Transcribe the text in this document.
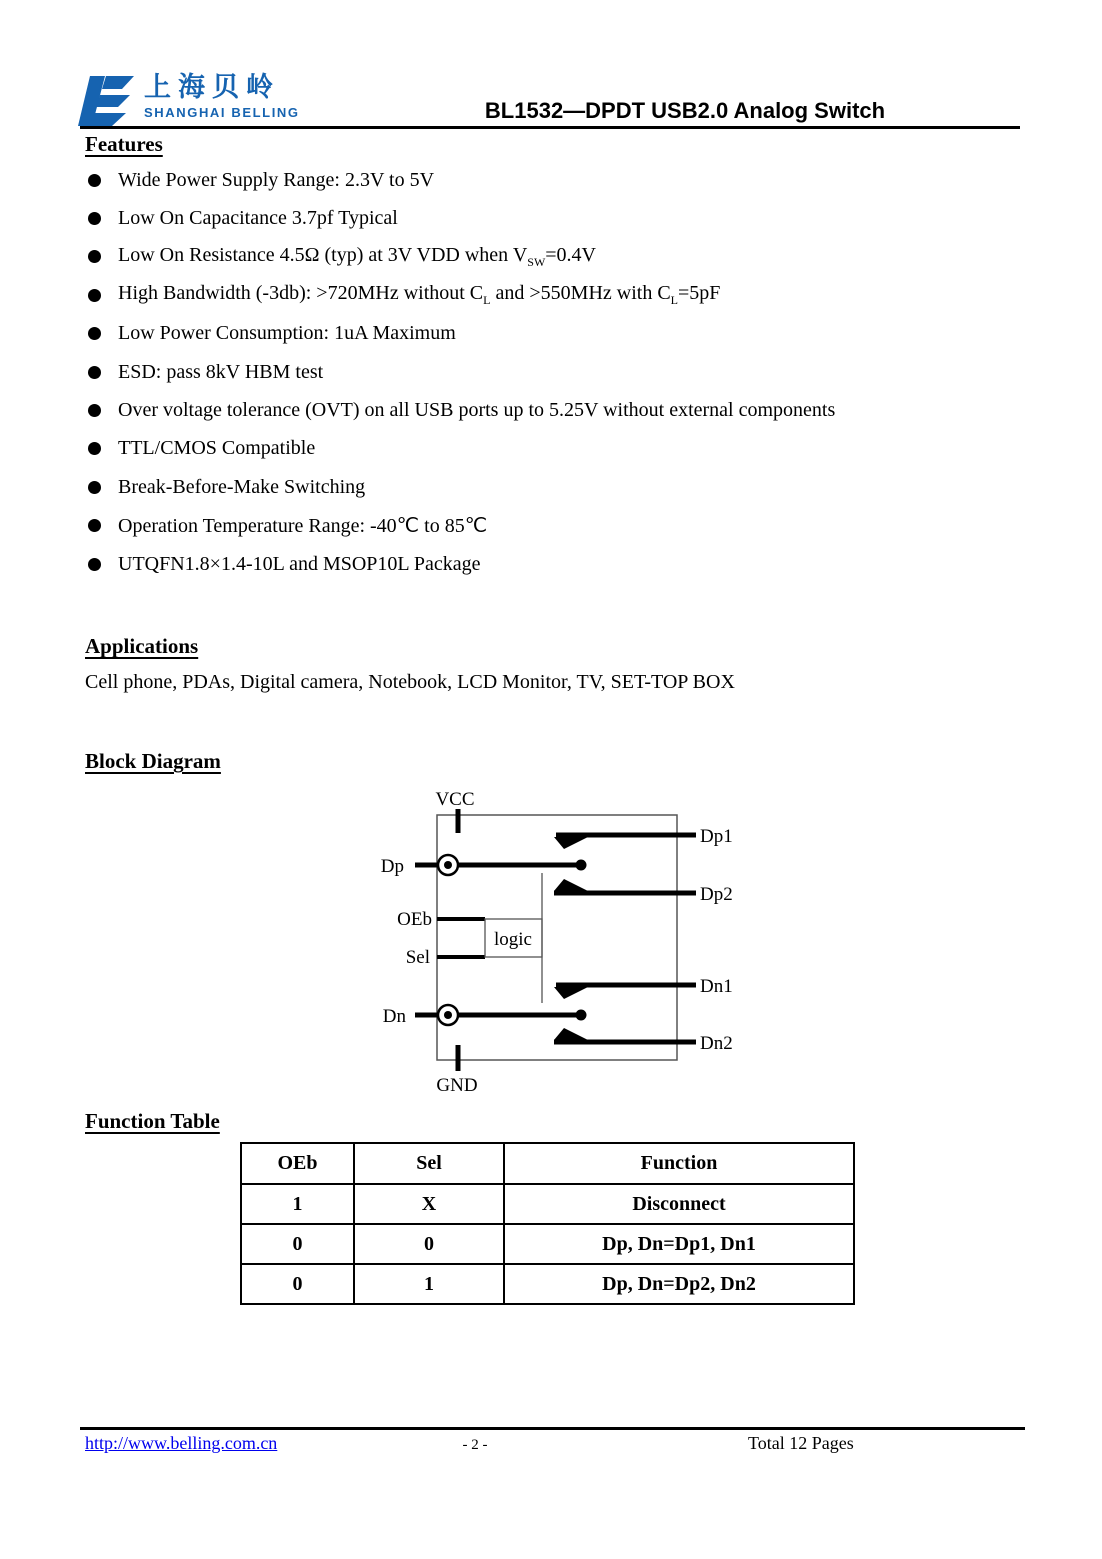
上海贝岭
SHANGHAI BELLING	BL1532—DPDT USB2.0 Analog Switch
Features
Wide Power Supply Range: 2.3V to 5V
Low On Capacitance 3.7pf Typical
Low On Resistance 4.5Ω (typ) at 3V VDD when $V_{SW}=0.4V$
High Bandwidth (-3db): >720MHz without $C_L$ and >550MHz with $C_L=5pF$
Low Power Consumption: 1uA Maximum
ESD: pass 8kV HBM test
Over voltage tolerance (OVT) on all USB ports up to 5.25V without external components
TTL/CMOS Compatible
Break-Before-Make Switching
Operation Temperature Range: -40℃ to 85℃
UTQFN1.8×1.4-10L and MSOP10L Package
Applications

Cell phone, PDAs, Digital camera, Notebook, LCD Monitor, TV, SET-TOP BOX

Block Diagram
VCC
Dp
Dp1
Dp2
OEb
Sel
logic
Dn1
Dn
Dn2
GND
Function Table
OEb	Sel	Function
1	X	Disconnect
0	0	Dp, Dn=Dp1, Dn1
0	1	Dp, Dn=Dp2, Dn2
http://www.belling.com.cn	- 2 -	Total 12 Pages
